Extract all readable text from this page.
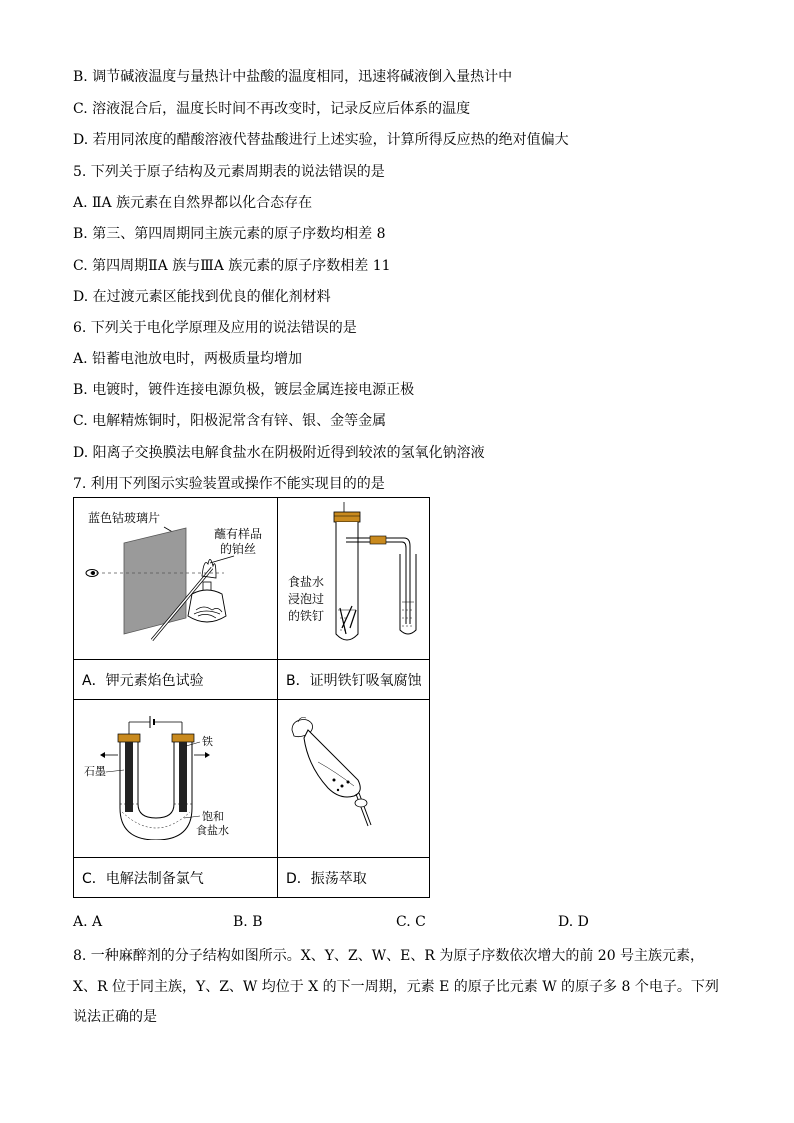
B. 调节碱液温度与量热计中盐酸的温度相同，迅速将碱液倒入量热计中
C. 溶液混合后，温度长时间不再改变时，记录反应后体系的温度
D. 若用同浓度的醋酸溶液代替盐酸进行上述实验，计算所得反应热的绝对值偏大
5. 下列关于原子结构及元素周期表的说法错误的是
A. ⅡA 族元素在自然界都以化合态存在
B. 第三、第四周期同主族元素的原子序数均相差 8
C. 第四周期ⅡA 族与ⅢA 族元素的原子序数相差 11
D. 在过渡元素区能找到优良的催化剂材料
6. 下列关于电化学原理及应用的说法错误的是
A. 铅蓄电池放电时，两极质量均增加
B. 电镀时，镀件连接电源负极，镀层金属连接电源正极
C. 电解精炼铜时，阳极泥常含有锌、银、金等金属
D. 阳离子交换膜法电解食盐水在阴极附近得到较浓的氢氧化钠溶液
7. 利用下列图示实验装置或操作不能实现目的的是
蓝色钴玻璃片
蘸有样品
的铂丝	食盐水
浸泡过
的铁钉

A．钾元素焰色试验	B．证明铁钉吸氧腐蚀

石墨
铁
饱和
食盐水

C．电解法制备氯气	D．振荡萃取
A. A	B. B	C. C	D. D
8. 一种麻醉剂的分子结构如图所示。X、Y、Z、W、E、R 为原子序数依次增大的前 20 号主族元素，
X、R 位于同主族，Y、Z、W 均位于 X 的下一周期，元素 E 的原子比元素 W 的原子多 8 个电子。下列
说法正确的是
